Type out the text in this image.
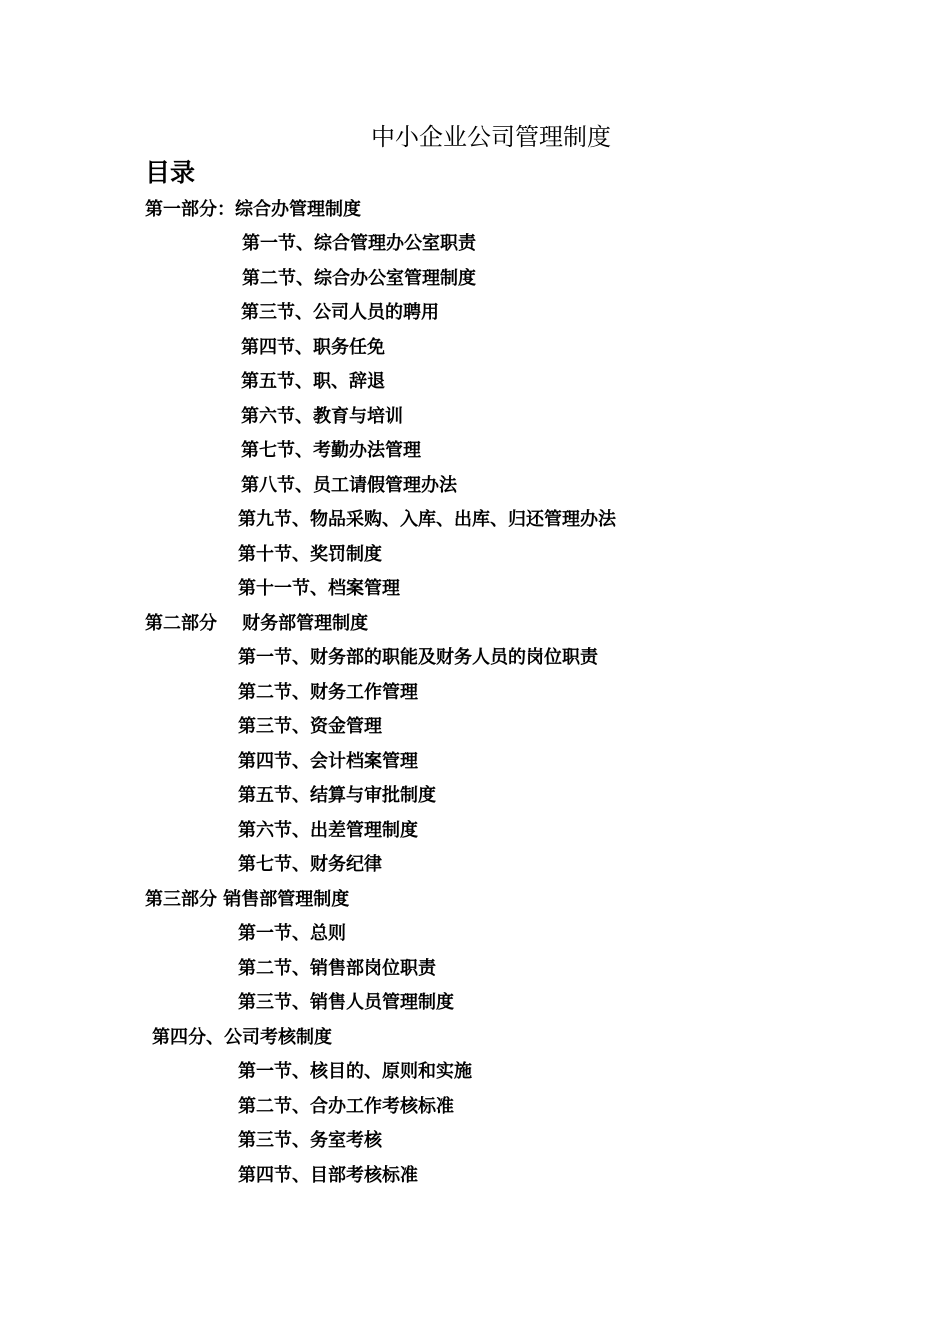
中小企业公司管理制度
目录
第一部分：综合办管理制度
第一节、综合管理办公室职责
第二节、综合办公室管理制度
第三节、公司人员的聘用
第四节、职务任免
第五节、职、辞退
第六节、教育与培训
第七节、考勤办法管理
第八节、员工请假管理办法
第九节、物品采购、入库、出库、归还管理办法
第十节、奖罚制度
第十一节、档案管理
第二部分    财务部管理制度
第一节、财务部的职能及财务人员的岗位职责
第二节、财务工作管理
第三节、资金管理
第四节、会计档案管理
第五节、结算与审批制度
第六节、出差管理制度
第七节、财务纪律
第三部分 销售部管理制度
第一节、总则
第二节、销售部岗位职责
第三节、销售人员管理制度
第四分、公司考核制度
第一节、核目的、原则和实施
第二节、合办工作考核标准
第三节、务室考核
第四节、目部考核标准
